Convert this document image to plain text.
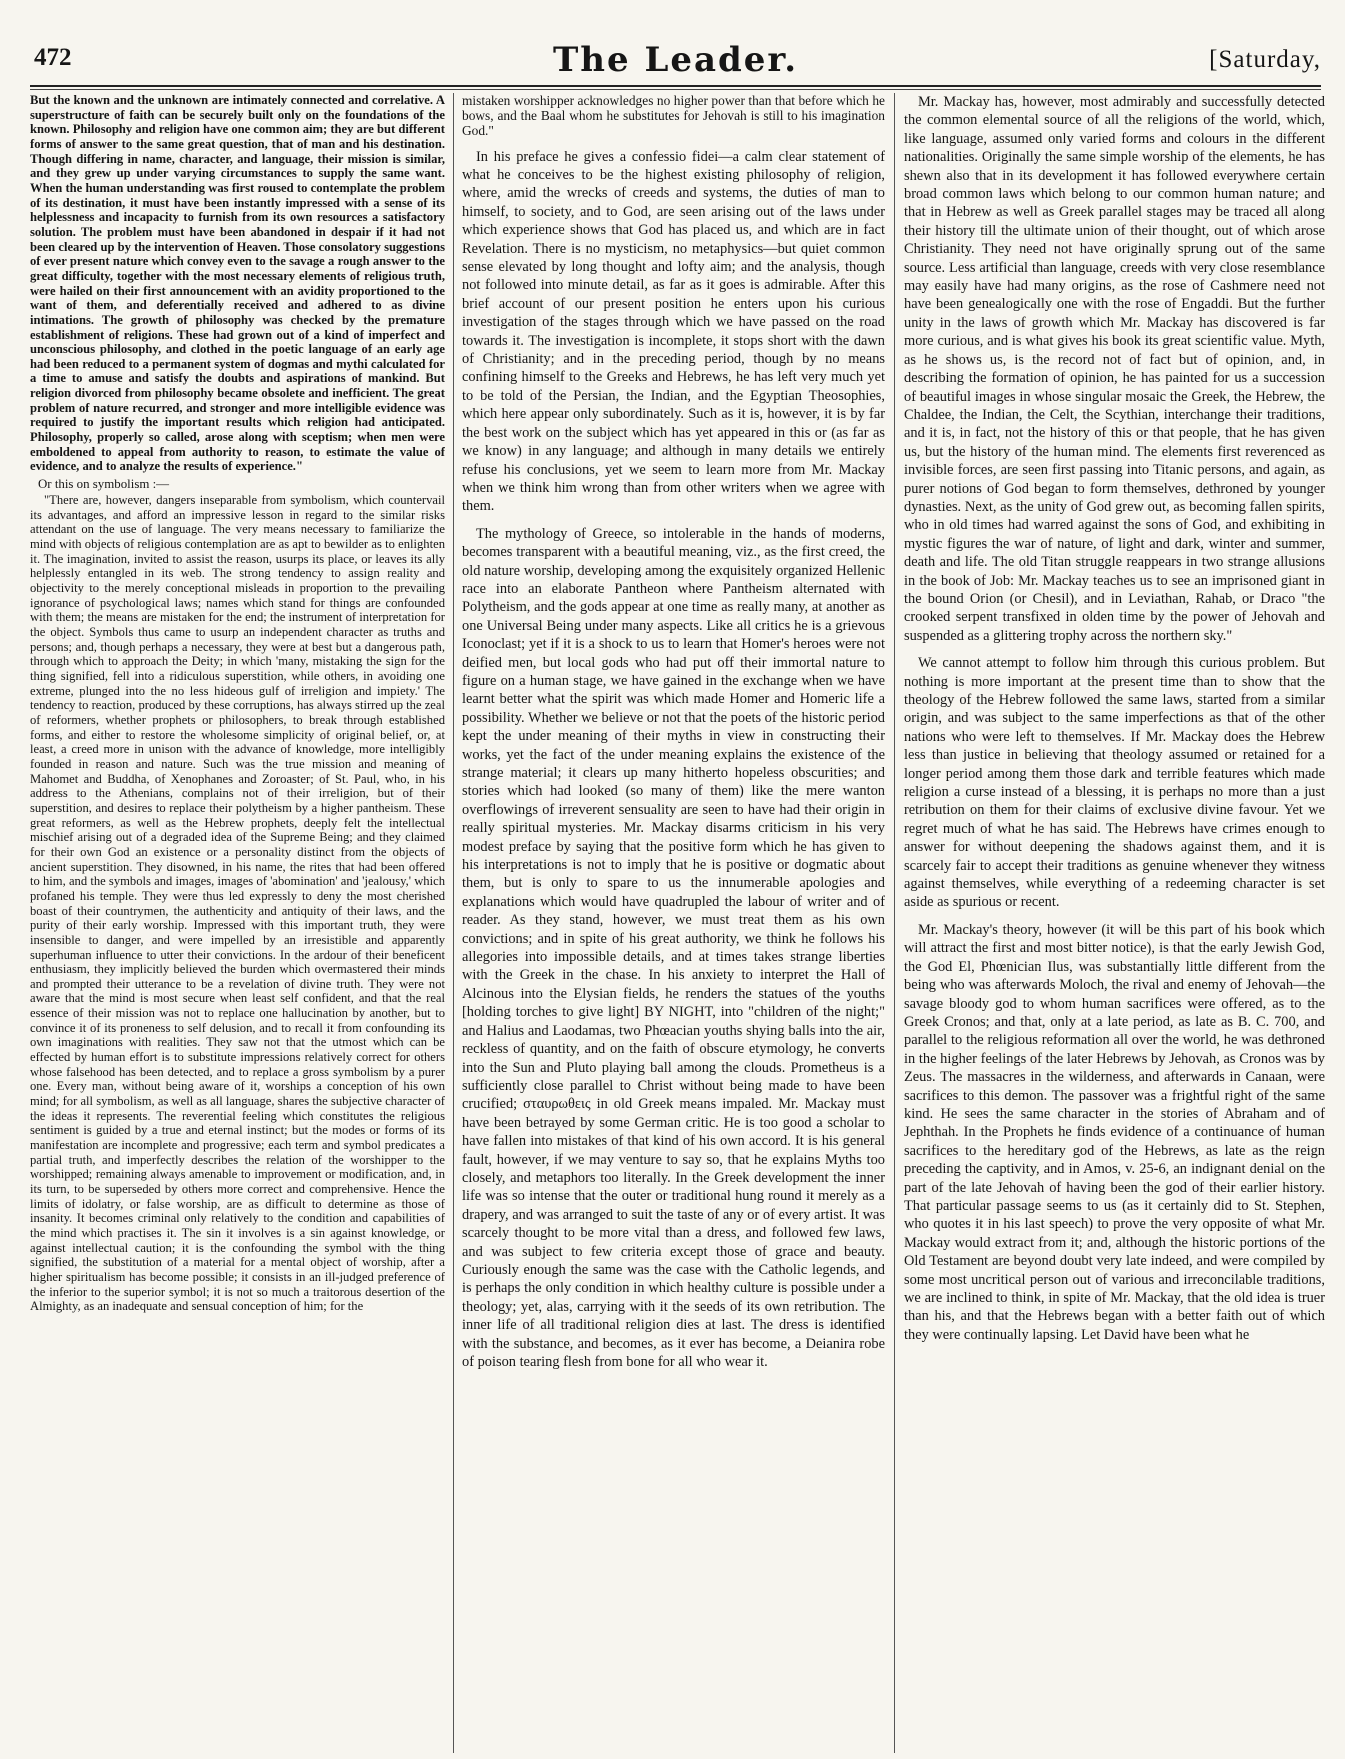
472	The Leader.	[Saturday,

But the known and the unknown are intimately connected and correlative. A superstructure of faith can be securely built only on the foundations of the known. Philosophy and religion have one common aim; they are but different forms of answer to the same great question, that of man and his destination. Though differing in name, character, and language, their mission is similar, and they grew up under varying circumstances to supply the same want. When the human understanding was first roused to contemplate the problem of its destination, it must have been instantly impressed with a sense of its helplessness and incapacity to furnish from its own resources a satisfactory solution. The problem must have been abandoned in despair if it had not been cleared up by the intervention of Heaven. Those consolatory suggestions of ever present nature which convey even to the savage a rough answer to the great difficulty, together with the most necessary elements of religious truth, were hailed on their first announcement with an avidity proportioned to the want of them, and deferentially received and adhered to as divine intimations. The growth of philosophy was checked by the premature establishment of religions. These had grown out of a kind of imperfect and unconscious philosophy, and clothed in the poetic language of an early age had been reduced to a permanent system of dogmas and mythi calculated for a time to amuse and satisfy the doubts and aspirations of mankind. But religion divorced from philosophy became obsolete and inefficient. The great problem of nature recurred, and stronger and more intelligible evidence was required to justify the important results which religion had anticipated. Philosophy, properly so called, arose along with sceptism; when men were emboldened to appeal from authority to reason, to estimate the value of evidence, and to analyze the results of experience."

Or this on symbolism :—

"There are, however, dangers inseparable from symbolism, which countervail its advantages, and afford an impressive lesson in regard to the similar risks attendant on the use of language. The very means necessary to familiarize the mind with objects of religious contemplation are as apt to bewilder as to enlighten it. The imagination, invited to assist the reason, usurps its place, or leaves its ally helplessly entangled in its web. The strong tendency to assign reality and objectivity to the merely conceptional misleads in proportion to the prevailing ignorance of psychological laws; names which stand for things are confounded with them; the means are mistaken for the end; the instrument of interpretation for the object. Symbols thus came to usurp an independent character as truths and persons; and, though perhaps a necessary, they were at best but a dangerous path, through which to approach the Deity; in which 'many, mistaking the sign for the thing signified, fell into a ridiculous superstition, while others, in avoiding one extreme, plunged into the no less hideous gulf of irreligion and impiety.' The tendency to reaction, produced by these corruptions, has always stirred up the zeal of reformers, whether prophets or philosophers, to break through established forms, and either to restore the wholesome simplicity of original belief, or, at least, a creed more in unison with the advance of knowledge, more intelligibly founded in reason and nature. Such was the true mission and meaning of Mahomet and Buddha, of Xenophanes and Zoroaster; of St. Paul, who, in his address to the Athenians, complains not of their irreligion, but of their superstition, and desires to replace their polytheism by a higher pantheism. These great reformers, as well as the Hebrew prophets, deeply felt the intellectual mischief arising out of a degraded idea of the Supreme Being; and they claimed for their own God an existence or a personality distinct from the objects of ancient superstition. They disowned, in his name, the rites that had been offered to him, and the symbols and images, images of 'abomination' and 'jealousy,' which profaned his temple. They were thus led expressly to deny the most cherished boast of their countrymen, the authenticity and antiquity of their laws, and the purity of their early worship. Impressed with this important truth, they were insensible to danger, and were impelled by an irresistible and apparently superhuman influence to utter their convictions. In the ardour of their beneficent enthusiasm, they implicitly believed the burden which overmastered their minds and prompted their utterance to be a revelation of divine truth. They were not aware that the mind is most secure when least self confident, and that the real essence of their mission was not to replace one hallucination by another, but to convince it of its proneness to self delusion, and to recall it from confounding its own imaginations with realities. They saw not that the utmost which can be effected by human effort is to substitute impressions relatively correct for others whose falsehood has been detected, and to replace a gross symbolism by a purer one. Every man, without being aware of it, worships a conception of his own mind; for all symbolism, as well as all language, shares the subjective character of the ideas it represents. The reverential feeling which constitutes the religious sentiment is guided by a true and eternal instinct; but the modes or forms of its manifestation are incomplete and progressive; each term and symbol predicates a partial truth, and imperfectly describes the relation of the worshipper to the worshipped; remaining always amenable to improvement or modification, and, in its turn, to be superseded by others more correct and comprehensive. Hence the limits of idolatry, or false worship, are as difficult to determine as those of insanity. It becomes criminal only relatively to the condition and capabilities of the mind which practises it. The sin it involves is a sin against knowledge, or against intellectual caution; it is the confounding the symbol with the thing signified, the substitution of a material for a mental object of worship, after a higher spiritualism has become possible; it consists in an ill-judged preference of the inferior to the superior symbol; it is not so much a traitorous desertion of the Almighty, as an inadequate and sensual conception of him; for the

mistaken worshipper acknowledges no higher power than that before which he bows, and the Baal whom he substitutes for Jehovah is still to his imagination God."

In his preface he gives a confessio fidei—a calm clear statement of what he conceives to be the highest existing philosophy of religion, where, amid the wrecks of creeds and systems, the duties of man to himself, to society, and to God, are seen arising out of the laws under which experience shows that God has placed us, and which are in fact Revelation. There is no mysticism, no metaphysics—but quiet common sense elevated by long thought and lofty aim; and the analysis, though not followed into minute detail, as far as it goes is admirable. After this brief account of our present position he enters upon his curious investigation of the stages through which we have passed on the road towards it. The investigation is incomplete, it stops short with the dawn of Christianity; and in the preceding period, though by no means confining himself to the Greeks and Hebrews, he has left very much yet to be told of the Persian, the Indian, and the Egyptian Theosophies, which here appear only subordinately. Such as it is, however, it is by far the best work on the subject which has yet appeared in this or (as far as we know) in any language; and although in many details we entirely refuse his conclusions, yet we seem to learn more from Mr. Mackay when we think him wrong than from other writers when we agree with them.

The mythology of Greece, so intolerable in the hands of moderns, becomes transparent with a beautiful meaning, viz., as the first creed, the old nature worship, developing among the exquisitely organized Hellenic race into an elaborate Pantheon where Pantheism alternated with Polytheism, and the gods appear at one time as really many, at another as one Universal Being under many aspects. Like all critics he is a grievous Iconoclast; yet if it is a shock to us to learn that Homer's heroes were not deified men, but local gods who had put off their immortal nature to figure on a human stage, we have gained in the exchange when we have learnt better what the spirit was which made Homer and Homeric life a possibility. Whether we believe or not that the poets of the historic period kept the under meaning of their myths in view in constructing their works, yet the fact of the under meaning explains the existence of the strange material; it clears up many hitherto hopeless obscurities; and stories which had looked (so many of them) like the mere wanton overflowings of irreverent sensuality are seen to have had their origin in really spiritual mysteries. Mr. Mackay disarms criticism in his very modest preface by saying that the positive form which he has given to his interpretations is not to imply that he is positive or dogmatic about them, but is only to spare to us the innumerable apologies and explanations which would have quadrupled the labour of writer and of reader. As they stand, however, we must treat them as his own convictions; and in spite of his great authority, we think he follows his allegories into impossible details, and at times takes strange liberties with the Greek in the chase. In his anxiety to interpret the Hall of Alcinous into the Elysian fields, he renders the statues of the youths [holding torches to give light] BY NIGHT, into "children of the night;" and Halius and Laodamas, two Phœacian youths shying balls into the air, reckless of quantity, and on the faith of obscure etymology, he converts into the Sun and Pluto playing ball among the clouds. Prometheus is a sufficiently close parallel to Christ without being made to have been crucified; σταυρωθεις in old Greek means impaled. Mr. Mackay must have been betrayed by some German critic. He is too good a scholar to have fallen into mistakes of that kind of his own accord. It is his general fault, however, if we may venture to say so, that he explains Myths too closely, and metaphors too literally. In the Greek development the inner life was so intense that the outer or traditional hung round it merely as a drapery, and was arranged to suit the taste of any or of every artist. It was scarcely thought to be more vital than a dress, and followed few laws, and was subject to few criteria except those of grace and beauty. Curiously enough the same was the case with the Catholic legends, and is perhaps the only condition in which healthy culture is possible under a theology; yet, alas, carrying with it the seeds of its own retribution. The inner life of all traditional religion dies at last. The dress is identified with the substance, and becomes, as it ever has become, a Deianira robe of poison tearing flesh from bone for all who wear it.

Mr. Mackay has, however, most admirably and successfully detected the common elemental source of all the religions of the world, which, like language, assumed only varied forms and colours in the different nationalities. Originally the same simple worship of the elements, he has shewn also that in its development it has followed everywhere certain broad common laws which belong to our common human nature; and that in Hebrew as well as Greek parallel stages may be traced all along their history till the ultimate union of their thought, out of which arose Christianity. They need not have originally sprung out of the same source. Less artificial than language, creeds with very close resemblance may easily have had many origins, as the rose of Cashmere need not have been genealogically one with the rose of Engaddi. But the further unity in the laws of growth which Mr. Mackay has discovered is far more curious, and is what gives his book its great scientific value. Myth, as he shows us, is the record not of fact but of opinion, and, in describing the formation of opinion, he has painted for us a succession of beautiful images in whose singular mosaic the Greek, the Hebrew, the Chaldee, the Indian, the Celt, the Scythian, interchange their traditions, and it is, in fact, not the history of this or that people, that he has given us, but the history of the human mind. The elements first reverenced as invisible forces, are seen first passing into Titanic persons, and again, as purer notions of God began to form themselves, dethroned by younger dynasties. Next, as the unity of God grew out, as becoming fallen spirits, who in old times had warred against the sons of God, and exhibiting in mystic figures the war of nature, of light and dark, winter and summer, death and life. The old Titan struggle reappears in two strange allusions in the book of Job: Mr. Mackay teaches us to see an imprisoned giant in the bound Orion (or Chesil), and in Leviathan, Rahab, or Draco "the crooked serpent transfixed in olden time by the power of Jehovah and suspended as a glittering trophy across the northern sky."

We cannot attempt to follow him through this curious problem. But nothing is more important at the present time than to show that the theology of the Hebrew followed the same laws, started from a similar origin, and was subject to the same imperfections as that of the other nations who were left to themselves. If Mr. Mackay does the Hebrew less than justice in believing that theology assumed or retained for a longer period among them those dark and terrible features which made religion a curse instead of a blessing, it is perhaps no more than a just retribution on them for their claims of exclusive divine favour. Yet we regret much of what he has said. The Hebrews have crimes enough to answer for without deepening the shadows against them, and it is scarcely fair to accept their traditions as genuine whenever they witness against themselves, while everything of a redeeming character is set aside as spurious or recent.

Mr. Mackay's theory, however (it will be this part of his book which will attract the first and most bitter notice), is that the early Jewish God, the God El, Phœnician Ilus, was substantially little different from the being who was afterwards Moloch, the rival and enemy of Jehovah—the savage bloody god to whom human sacrifices were offered, as to the Greek Cronos; and that, only at a late period, as late as B. C. 700, and parallel to the religious reformation all over the world, he was dethroned in the higher feelings of the later Hebrews by Jehovah, as Cronos was by Zeus. The massacres in the wilderness, and afterwards in Canaan, were sacrifices to this demon. The passover was a frightful right of the same kind. He sees the same character in the stories of Abraham and of Jephthah. In the Prophets he finds evidence of a continuance of human sacrifices to the hereditary god of the Hebrews, as late as the reign preceding the captivity, and in Amos, v. 25-6, an indignant denial on the part of the late Jehovah of having been the god of their earlier history. That particular passage seems to us (as it certainly did to St. Stephen, who quotes it in his last speech) to prove the very opposite of what Mr. Mackay would extract from it; and, although the historic portions of the Old Testament are beyond doubt very late indeed, and were compiled by some most uncritical person out of various and irreconcilable traditions, we are inclined to think, in spite of Mr. Mackay, that the old idea is truer than his, and that the Hebrews began with a better faith out of which they were continually lapsing. Let David have been what he
